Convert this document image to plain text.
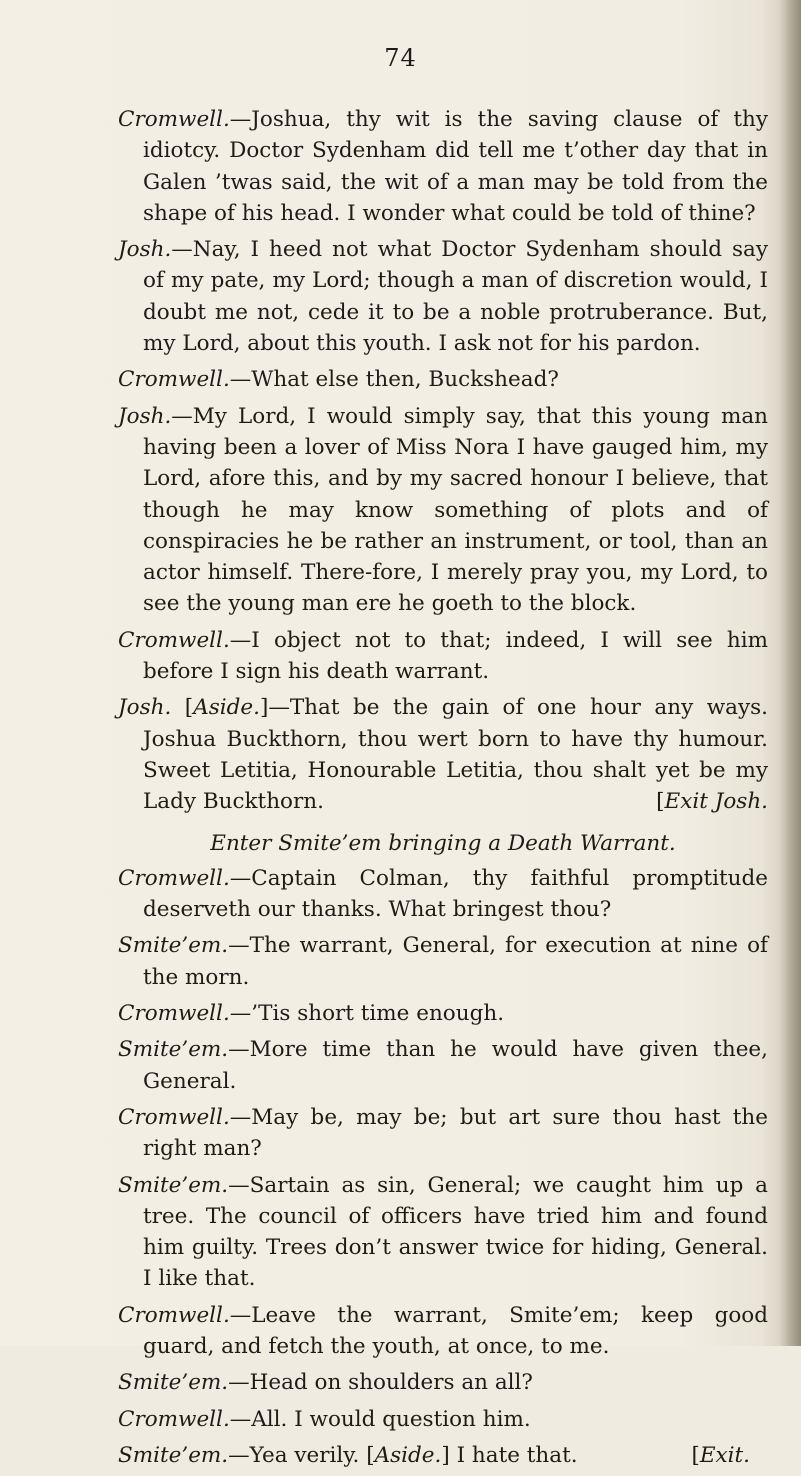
74

Cromwell.—Joshua, thy wit is the saving clause of thy idiotcy. Doctor Sydenham did tell me t’other day that in Galen ’twas said, the wit of a man may be told from the shape of his head. I wonder what could be told of thine?

Josh.—Nay, I heed not what Doctor Sydenham should say of my pate, my Lord; though a man of discretion would, I doubt me not, cede it to be a noble protruberance. But, my Lord, about this youth. I ask not for his pardon.

Cromwell.—What else then, Buckshead?

Josh.—My Lord, I would simply say, that this young man having been a lover of Miss Nora I have gauged him, my Lord, afore this, and by my sacred honour I believe, that though he may know something of plots and of conspiracies he be rather an instrument, or tool, than an actor himself. There-fore, I merely pray you, my Lord, to see the young man ere he goeth to the block.

Cromwell.—I object not to that; indeed, I will see him before I sign his death warrant.

Josh. [Aside.]—That be the gain of one hour any ways. Joshua Buckthorn, thou wert born to have thy humour. Sweet Letitia, Honourable Letitia, thou shalt yet be my Lady Buckthorn.	[Exit Josh.

Enter Smite’em bringing a Death Warrant.

Cromwell.—Captain Colman, thy faithful promptitude deserveth our thanks. What bringest thou?

Smite’em.—The warrant, General, for execution at nine of the morn.

Cromwell.—’Tis short time enough.

Smite’em.—More time than he would have given thee, General.

Cromwell.—May be, may be; but art sure thou hast the right man?

Smite’em.—Sartain as sin, General; we caught him up a tree. The council of officers have tried him and found him guilty. Trees don’t answer twice for hiding, General. I like that.

Cromwell.—Leave the warrant, Smite’em; keep good guard, and fetch the youth, at once, to me.

Smite’em.—Head on shoulders an all?

Cromwell.—All. I would question him.

Smite’em.—Yea verily. [Aside.] I hate that.	[Exit.
